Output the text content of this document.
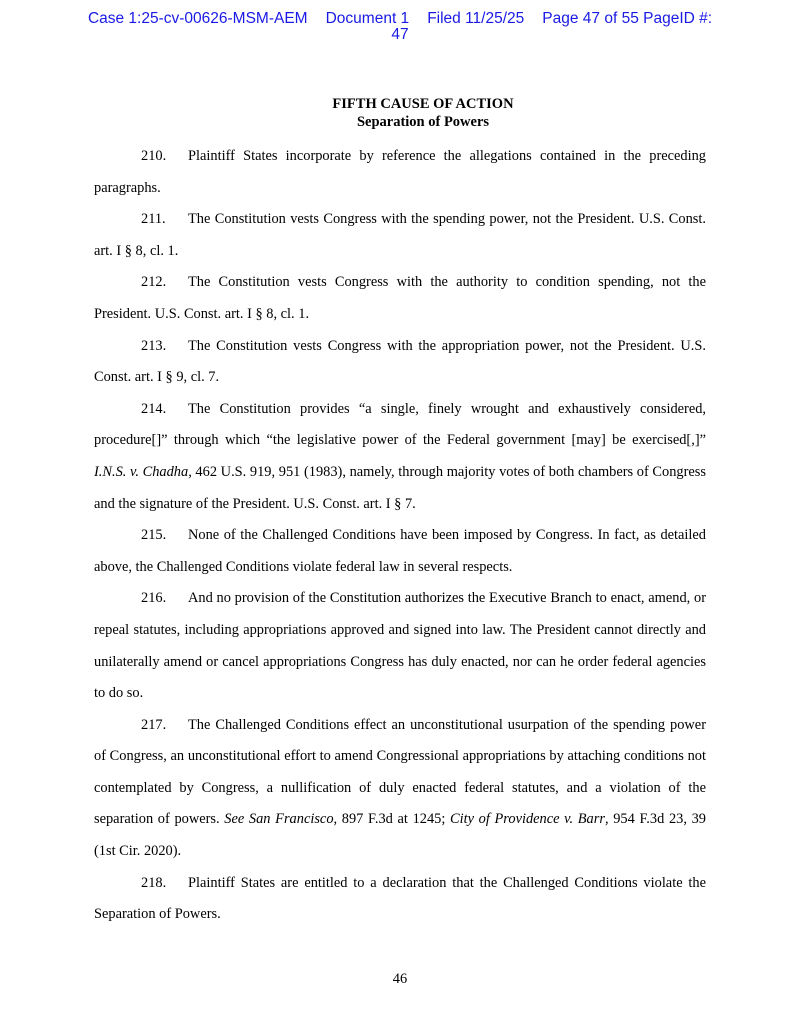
Case 1:25-cv-00626-MSM-AEM Document 1 Filed 11/25/25 Page 47 of 55 PageID #:
47
FIFTH CAUSE OF ACTION
Separation of Powers

210. Plaintiff States incorporate by reference the allegations contained in the preceding paragraphs.

211. The Constitution vests Congress with the spending power, not the President. U.S. Const. art. I § 8, cl. 1.

212. The Constitution vests Congress with the authority to condition spending, not the President. U.S. Const. art. I § 8, cl. 1.

213. The Constitution vests Congress with the appropriation power, not the President. U.S. Const. art. I § 9, cl. 7.

214. The Constitution provides “a single, finely wrought and exhaustively considered, procedure[]” through which “the legislative power of the Federal government [may] be exercised[,]” I.N.S. v. Chadha, 462 U.S. 919, 951 (1983), namely, through majority votes of both chambers of Congress and the signature of the President. U.S. Const. art. I § 7.

215. None of the Challenged Conditions have been imposed by Congress. In fact, as detailed above, the Challenged Conditions violate federal law in several respects.

216. And no provision of the Constitution authorizes the Executive Branch to enact, amend, or repeal statutes, including appropriations approved and signed into law. The President cannot directly and unilaterally amend or cancel appropriations Congress has duly enacted, nor can he order federal agencies to do so.

217. The Challenged Conditions effect an unconstitutional usurpation of the spending power of Congress, an unconstitutional effort to amend Congressional appropriations by attaching conditions not contemplated by Congress, a nullification of duly enacted federal statutes, and a violation of the separation of powers. See San Francisco, 897 F.3d at 1245; City of Providence v. Barr, 954 F.3d 23, 39 (1st Cir. 2020).

218. Plaintiff States are entitled to a declaration that the Challenged Conditions violate the Separation of Powers.

46
